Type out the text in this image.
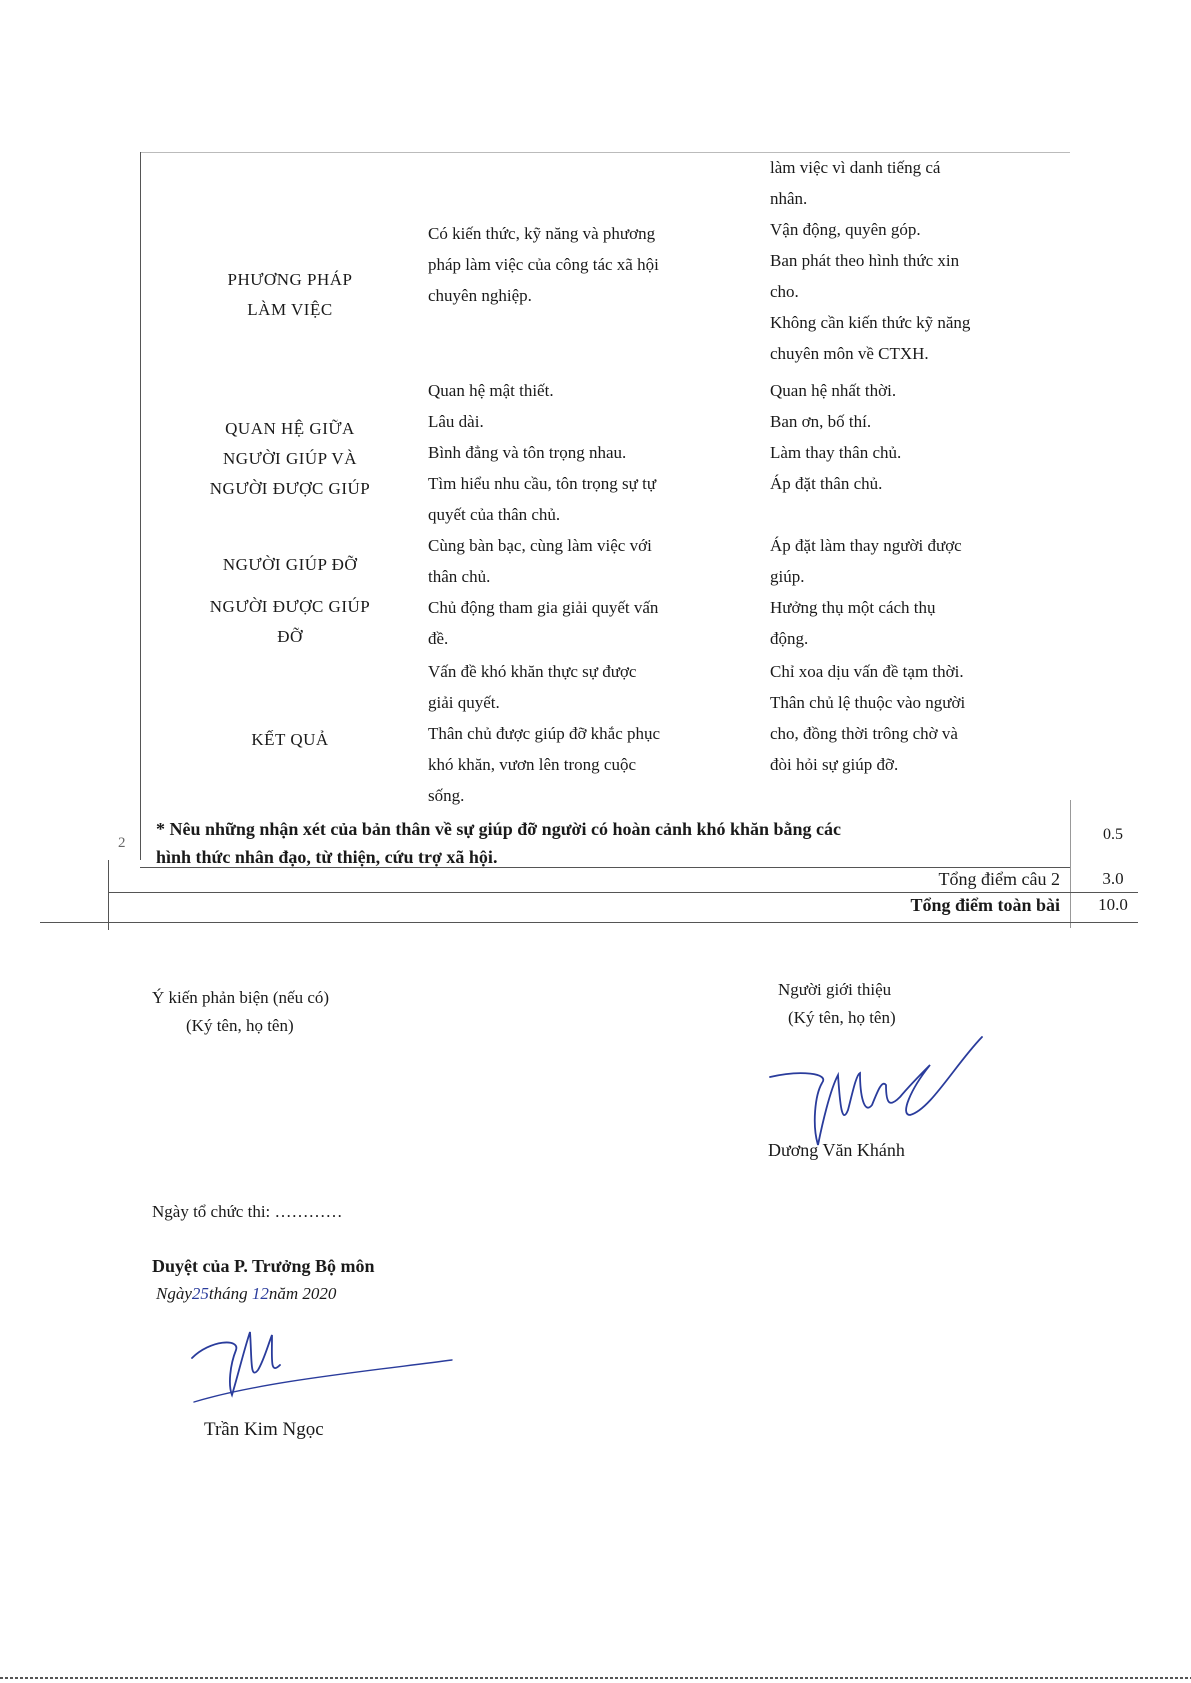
PHƯƠNG PHÁP
LÀM VIỆC
Có kiến thức, kỹ năng và phương
pháp làm việc của công tác xã hội
chuyên nghiệp.
làm việc vì danh tiếng cá
nhân.
Vận động, quyên góp.
Ban phát theo hình thức xin
cho.
Không cần kiến thức kỹ năng
chuyên môn về CTXH.
QUAN HỆ GIỮA
NGƯỜI GIÚP VÀ
NGƯỜI ĐƯỢC GIÚP
Quan hệ mật thiết.
Lâu dài.
Bình đẳng và tôn trọng nhau.
Tìm hiểu nhu cầu, tôn trọng sự tự
quyết của thân chủ.
Quan hệ nhất thời.
Ban ơn, bố thí.
Làm thay thân chủ.
Áp đặt thân chủ.
NGƯỜI GIÚP ĐỠ
NGƯỜI ĐƯỢC GIÚP
ĐỠ
Cùng bàn bạc, cùng làm việc với
thân chủ.
Chủ động tham gia giải quyết vấn
đề.
Áp đặt làm thay người được
giúp.
Hưởng thụ một cách thụ
động.
KẾT QUẢ
Vấn đề khó khăn thực sự được
giải quyết.
Thân chủ được giúp đỡ khắc phục
khó khăn, vươn lên trong cuộc
sống.
Chỉ xoa dịu vấn đề tạm thời.
Thân chủ lệ thuộc vào người
cho, đồng thời trông chờ và
đòi hỏi sự giúp đỡ.
2
* Nêu những nhận xét của bản thân về sự giúp đỡ người có hoàn cảnh khó khăn bằng các
hình thức nhân đạo, từ thiện, cứu trợ xã hội.
0.5
Tổng điểm câu 2	3.0
Tổng điểm toàn bài	10.0
Ý kiến phản biện (nếu có)
(Ký tên, họ tên)
Người giới thiệu
(Ký tên, họ tên)
Dương Văn Khánh
Ngày tổ chức thi: …………
Duyệt của P. Trưởng Bộ môn
Ngày25tháng 12năm 2020
Trần Kim Ngọc
